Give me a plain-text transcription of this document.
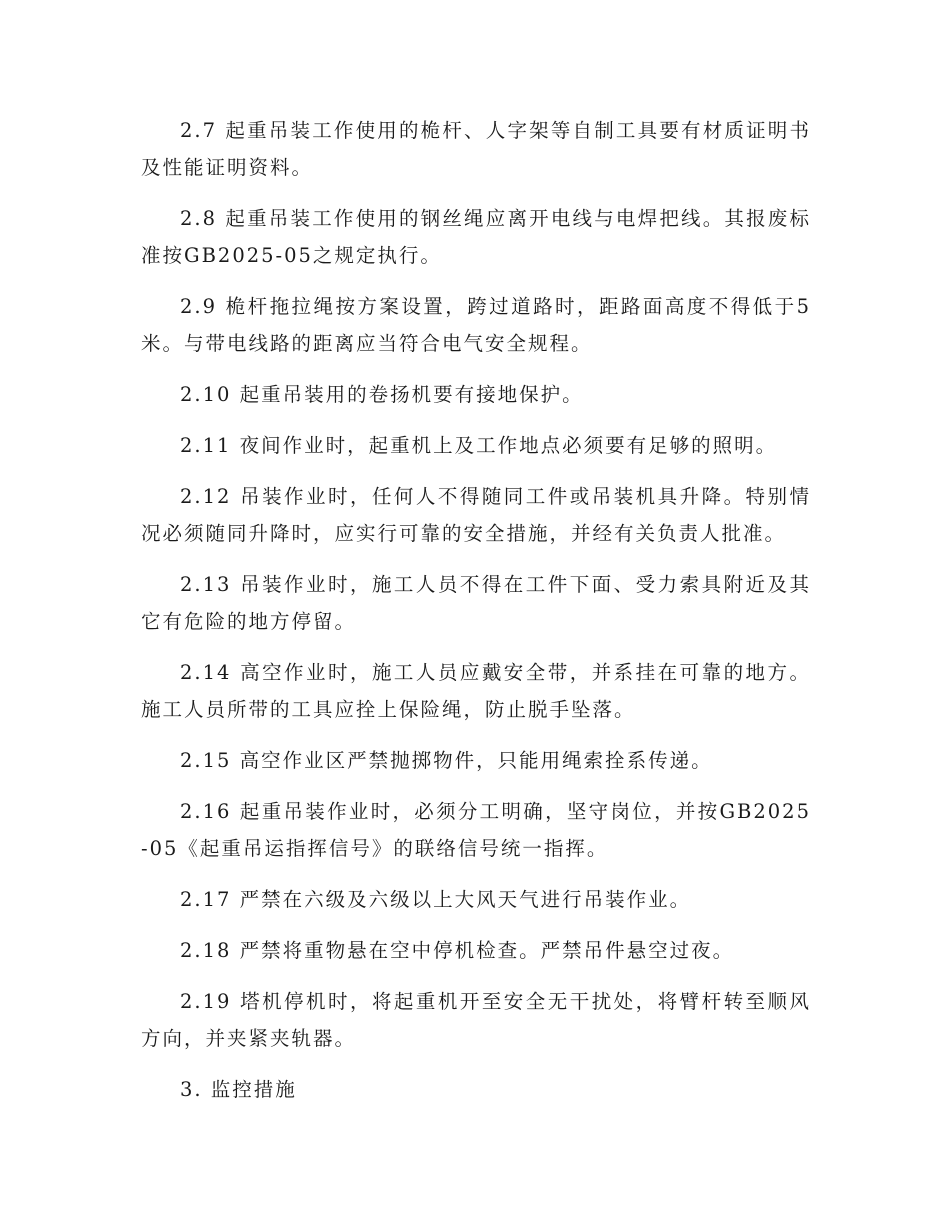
2.7 起重吊装工作使用的桅杆、人字架等自制工具要有材质证明书及性能证明资料。

2.8 起重吊装工作使用的钢丝绳应离开电线与电焊把线。其报废标准按GB2025-05之规定执行。

2.9 桅杆拖拉绳按方案设置，跨过道路时，距路面高度不得低于5米。与带电线路的距离应当符合电气安全规程。

2.10 起重吊装用的卷扬机要有接地保护。

2.11 夜间作业时，起重机上及工作地点必须要有足够的照明。

2.12 吊装作业时，任何人不得随同工件或吊装机具升降。特别情况必须随同升降时，应实行可靠的安全措施，并经有关负责人批准。

2.13 吊装作业时，施工人员不得在工件下面、受力索具附近及其它有危险的地方停留。

2.14 高空作业时，施工人员应戴安全带，并系挂在可靠的地方。施工人员所带的工具应拴上保险绳，防止脱手坠落。

2.15 高空作业区严禁抛掷物件，只能用绳索拴系传递。

2.16 起重吊装作业时，必须分工明确，坚守岗位，并按GB2025-05《起重吊运指挥信号》的联络信号统一指挥。

2.17 严禁在六级及六级以上大风天气进行吊装作业。

2.18 严禁将重物悬在空中停机检查。严禁吊件悬空过夜。

2.19 塔机停机时，将起重机开至安全无干扰处，将臂杆转至顺风方向，并夹紧夹轨器。

3. 监控措施
